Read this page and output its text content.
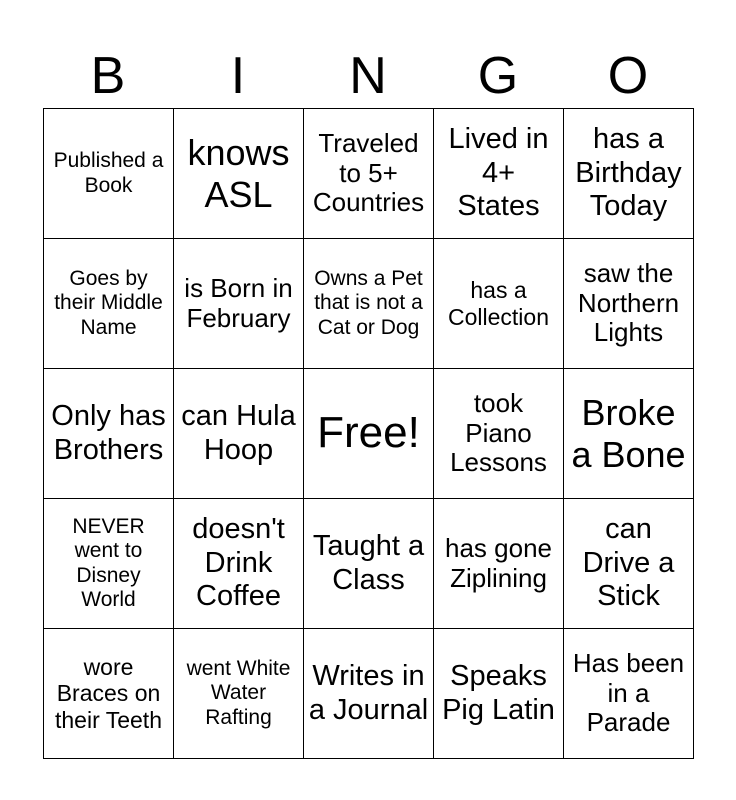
B	I	N	G	O
Published a Book	knows ASL	Traveled to 5+ Countries	Lived in 4+ States	has a Birthday Today

Goes by their Middle Name	is Born in February	Owns a Pet that is not a Cat or Dog	has a Collection	saw the Northern Lights

Only has Brothers	can Hula Hoop	Free!	took Piano Lessons	Broke a Bone

NEVER went to Disney World	doesn't Drink Coffee	Taught a Class	has gone Ziplining	can Drive a Stick

wore Braces on their Teeth	went White Water Rafting	Writes in a Journal	Speaks Pig Latin	Has been in a Parade
